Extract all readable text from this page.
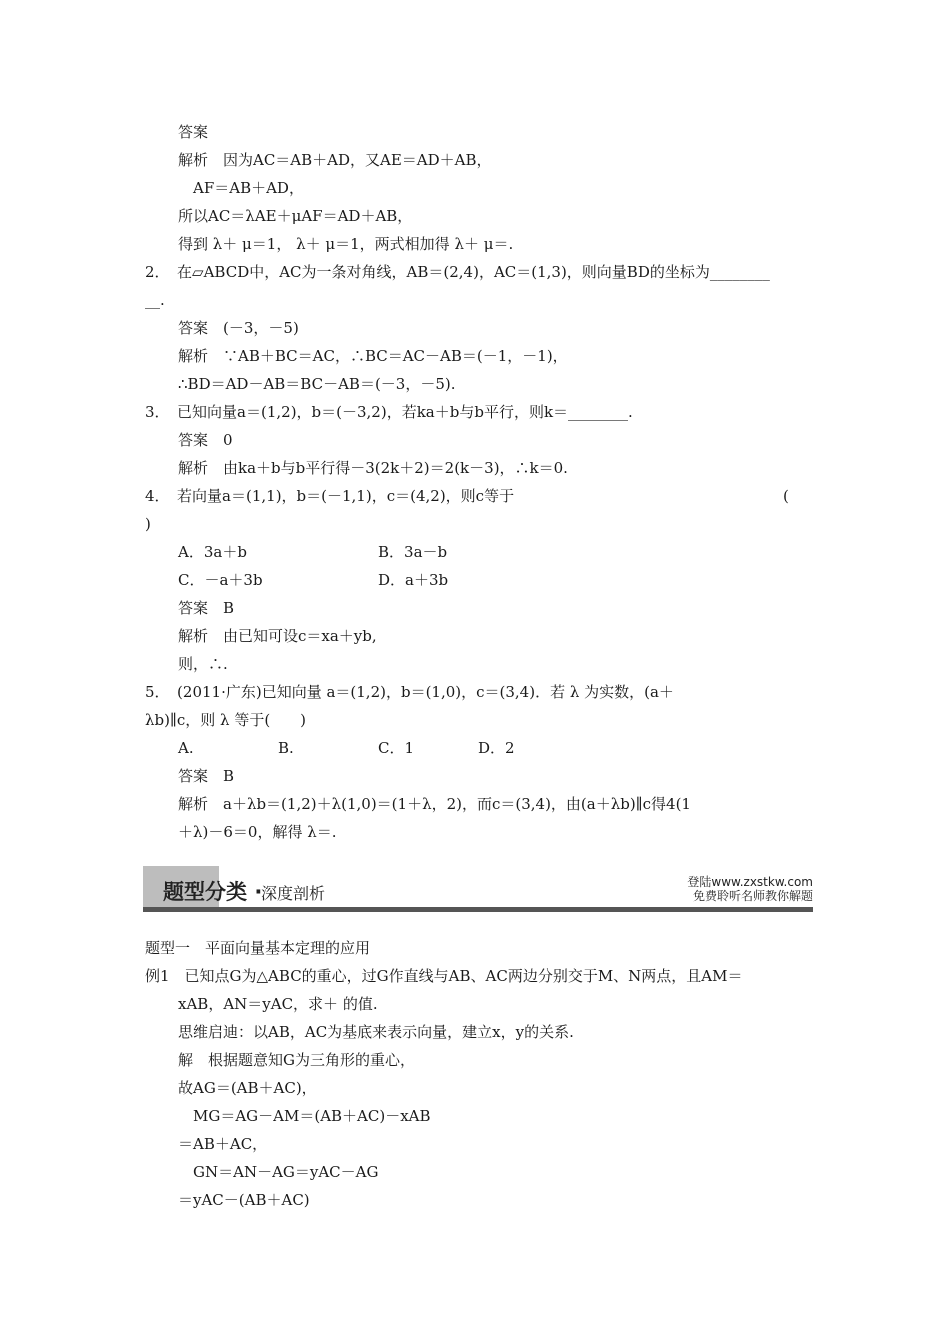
答案
解析　因为AC＝AB＋AD，又AE＝AD＋AB，
AF＝AB＋AD，
所以AC＝λAE＋μAF＝AD＋AB，
得到 λ＋ μ＝1， λ＋ μ＝1，两式相加得 λ＋ μ＝.
2．　在▱ABCD中，AC为一条对角线，AB＝(2,4)，AC＝(1,3)，则向量BD的坐标为________
__.
答案　(－3，－5)
解析　∵AB＋BC＝AC，∴BC＝AC－AB＝(－1，－1)，
∴BD＝AD－AB＝BC－AB＝(－3，－5).
3．　已知向量a＝(1,2)，b＝(－3,2)，若ka＋b与b平行，则k＝________.
答案　0
解析　由ka＋b与b平行得－3(2k＋2)＝2(k－3)，∴k＝0.
4．　若向量a＝(1,1)，b＝(－1,1)，c＝(4,2)，则c等于	(
)
A．3a＋b	B．3a－b
C．－a＋3b	D．a＋3b
答案　B
解析　由已知可设c＝xa＋yb,
则，∴.
5．　(2011·广东)已知向量 a＝(1,2)，b＝(1,0)，c＝(3,4)．若 λ 为实数，(a＋
λb)∥c，则 λ 等于(　　)
A.	B.	C．1	D．2
答案　B
解析　a＋λb＝(1,2)＋λ(1,0)＝(1＋λ，2)，而c＝(3,4)，由(a＋λb)∥c得4(1
＋λ)－6＝0，解得 λ＝.
题型分类 ·
深度剖析
登陆www.zxstkw.com
免费聆听名师教你解题
题型一　平面向量基本定理的应用
例1　已知点G为△ABC的重心，过G作直线与AB、AC两边分别交于M、N两点，且AM＝
xAB，AN＝yAC，求＋ 的值.
思维启迪：以AB，AC为基底来表示向量，建立x，y的关系.
解　根据题意知G为三角形的重心，
故AG＝(AB＋AC)，
MG＝AG－AM＝(AB＋AC)－xAB
＝AB＋AC，
GN＝AN－AG＝yAC－AG
＝yAC－(AB＋AC)
